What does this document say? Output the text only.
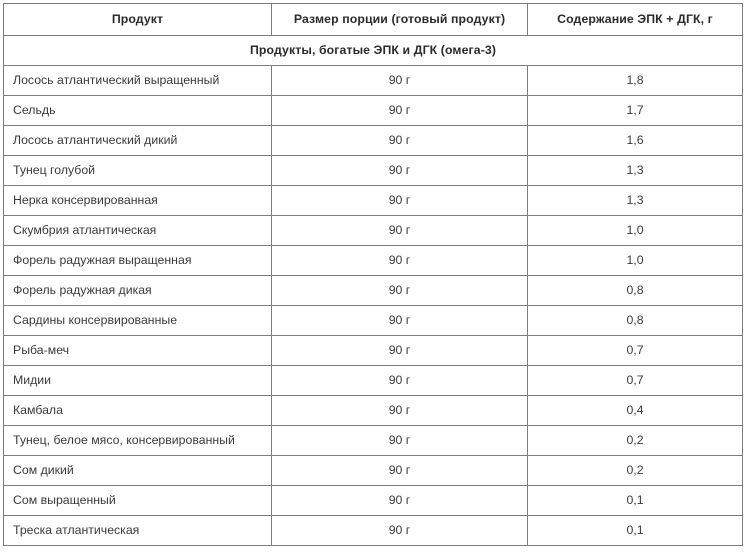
Продукт	Размер порции (готовый продукт)	Содержание ЭПК + ДГК, г
Продукты, богатые ЭПК и ДГК (омега-3)		
Лосось атлантический выращенный	90 г	1,8
Сельдь	90 г	1,7
Лосось атлантический дикий	90 г	1,6
Тунец голубой	90 г	1,3
Нерка консервированная	90 г	1,3
Скумбрия атлантическая	90 г	1,0
Форель радужная выращенная	90 г	1,0
Форель радужная дикая	90 г	0,8
Сардины консервированные	90 г	0,8
Рыба-меч	90 г	0,7
Мидии	90 г	0,7
Камбала	90 г	0,4
Тунец, белое мясо, консервированный	90 г	0,2
Сом дикий	90 г	0,2
Сом выращенный	90 г	0,1
Треска атлантическая	90 г	0,1
